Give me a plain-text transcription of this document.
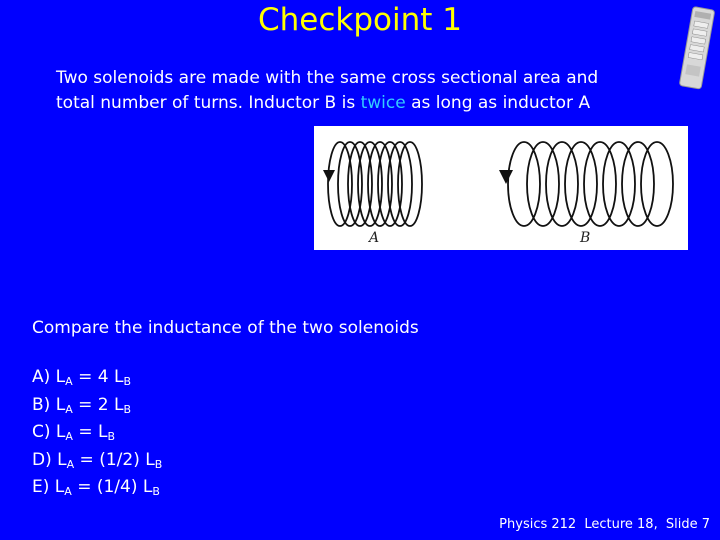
Checkpoint 1
Two solenoids are made with the same cross sectional area and
total number of turns. Inductor B is twice as long as inductor A
A	B
Compare the inductance of the two solenoids
A) $L_A = 4$ $L_B$
B) $L_A = 2$ $L_B$
C) $L_A = L_B$
D) $L_A = (1/2)$ $L_B$
E) $L_A = (1/4)$ $L_B$
Physics 212 Lecture 18, Slide 7
